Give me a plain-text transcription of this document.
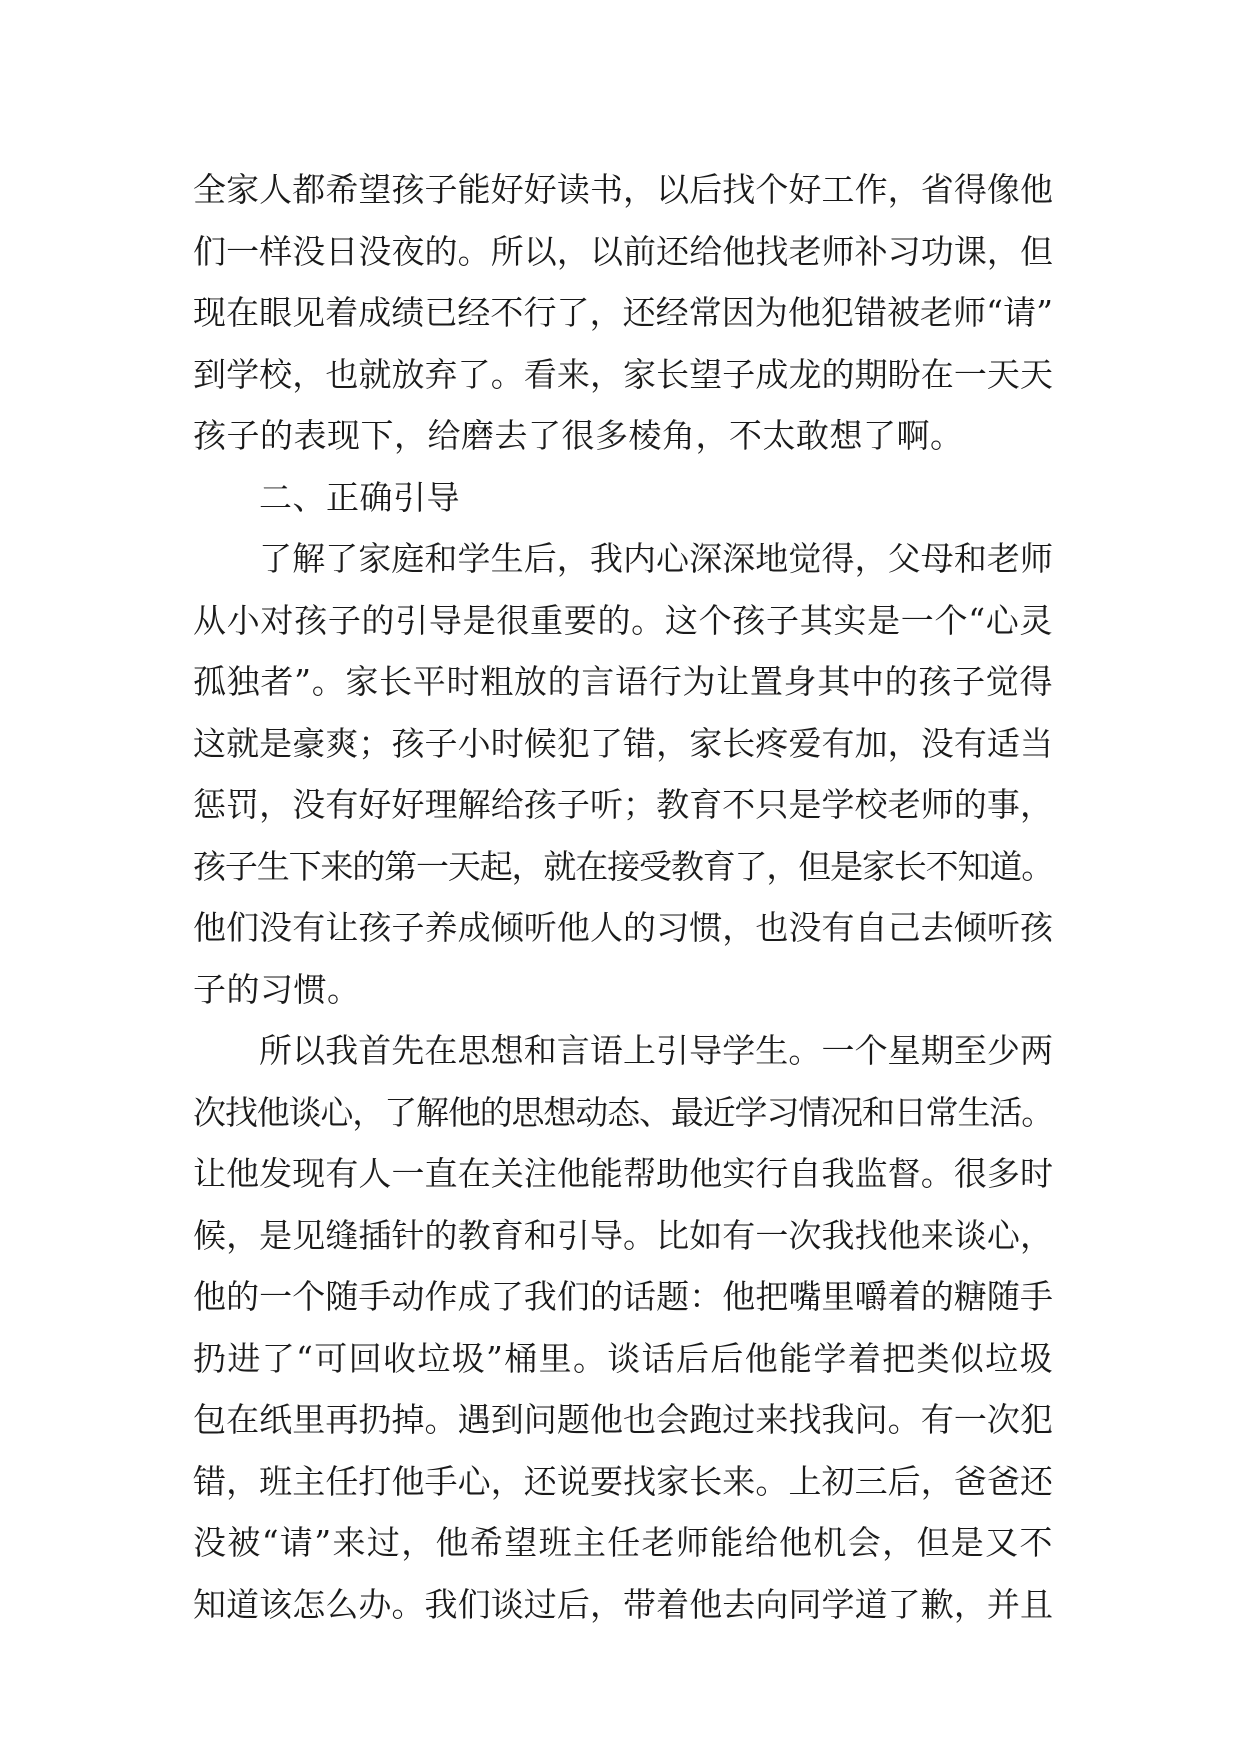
全家人都希望孩子能好好读书，以后找个好工作，省得像他
们一样没日没夜的。所以，以前还给他找老师补习功课，但
现在眼见着成绩已经不行了，还经常因为他犯错被老师“请”
到学校，也就放弃了。看来，家长望子成龙的期盼在一天天
孩子的表现下，给磨去了很多棱角，不太敢想了啊。
二、正确引导
了解了家庭和学生后，我内心深深地觉得，父母和老师
从小对孩子的引导是很重要的。这个孩子其实是一个“心灵
孤独者”。家长平时粗放的言语行为让置身其中的孩子觉得
这就是豪爽；孩子小时候犯了错，家长疼爱有加，没有适当
惩罚，没有好好理解给孩子听；教育不只是学校老师的事，
孩子生下来的第一天起，就在接受教育了，但是家长不知道。
他们没有让孩子养成倾听他人的习惯，也没有自己去倾听孩
子的习惯。
所以我首先在思想和言语上引导学生。一个星期至少两
次找他谈心，了解他的思想动态、最近学习情况和日常生活。
让他发现有人一直在关注他能帮助他实行自我监督。很多时
候，是见缝插针的教育和引导。比如有一次我找他来谈心，
他的一个随手动作成了我们的话题：他把嘴里嚼着的糖随手
扔进了“可回收垃圾”桶里。谈话后后他能学着把类似垃圾
包在纸里再扔掉。遇到问题他也会跑过来找我问。有一次犯
错，班主任打他手心，还说要找家长来。上初三后，爸爸还
没被“请”来过，他希望班主任老师能给他机会，但是又不
知道该怎么办。我们谈过后，带着他去向同学道了歉，并且
